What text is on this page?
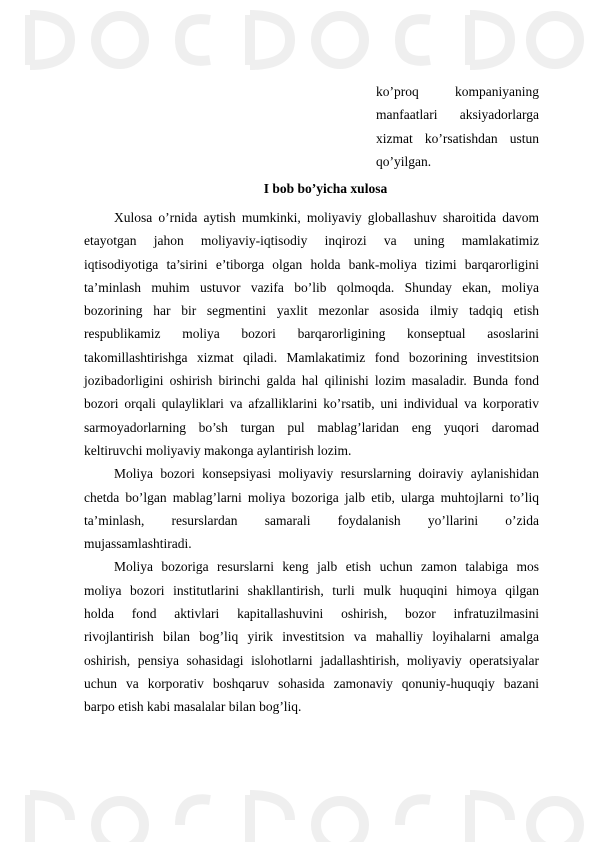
ko’proq kompaniyaning
manfaatlari aksiyadorlarga
xizmat ko’rsatishdan ustun
qo’yilgan.
I bob bo’yicha xulosa
Xulosa o’rnida aytish mumkinki, moliyaviy globallashuv sharoitida davom
etayotgan jahon moliyaviy-iqtisodiy inqirozi va uning mamlakatimiz
iqtisodiyotiga ta’sirini e’tiborga olgan holda bank-moliya tizimi barqarorligini
ta’minlash muhim ustuvor vazifa bo’lib qolmoqda. Shunday ekan, moliya
bozorining har bir segmentini yaxlit mezonlar asosida ilmiy tadqiq etish
respublikamiz moliya bozori barqarorligining konseptual asoslarini
takomillashtirishga xizmat qiladi. Mamlakatimiz fond bozorining investitsion
jozibadorligini oshirish birinchi galda hal qilinishi lozim masaladir. Bunda fond
bozori orqali qulayliklari va afzalliklarini ko’rsatib, uni individual va korporativ
sarmoyadorlarning bo’sh turgan pul mablag’laridan eng yuqori daromad
keltiruvchi moliyaviy makonga aylantirish lozim.
Moliya bozori konsepsiyasi moliyaviy resurslarning doiraviy aylanishidan
chetda bo’lgan mablag’larni moliya bozoriga jalb etib, ularga muhtojlarni to’liq
ta’minlash, resurslardan samarali foydalanish yo’llarini o’zida
mujassamlashtiradi.
Moliya bozoriga resurslarni keng jalb etish uchun zamon talabiga mos
moliya bozori institutlarini shakllantirish, turli mulk huquqini himoya qilgan
holda fond aktivlari kapitallashuvini oshirish, bozor infratuzilmasini
rivojlantirish bilan bog’liq yirik investitsion va mahalliy loyihalarni amalga
oshirish, pensiya sohasidagi islohotlarni jadallashtirish, moliyaviy operatsiyalar
uchun va korporativ boshqaruv sohasida zamonaviy qonuniy-huquqiy bazani
barpo etish kabi masalalar bilan bog’liq.
